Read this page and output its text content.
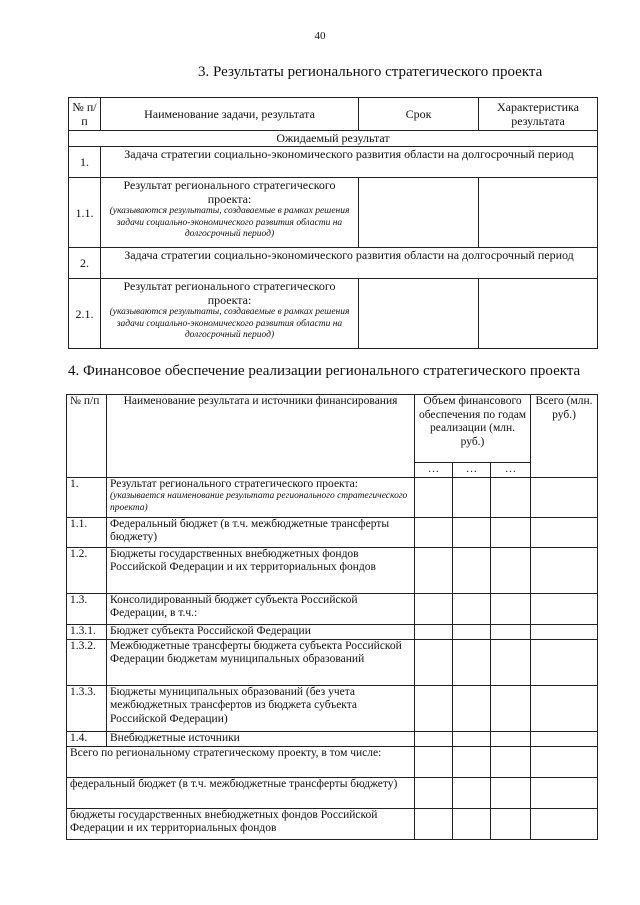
40
3. Результаты регионального стратегического проекта
№ п/п	Наименование задачи, результата	Срок	Характеристика результата
Ожидаемый результат			
1.	Задача стратегии социально-экономического развития области на долгосрочный период		
1.1.	Результат регионального стратегического проекта:
(указываются результаты, создаваемые в рамках решения задачи социально-экономического развития области на долгосрочный период)		

2.	Задача стратегии социально-экономического развития области на долгосрочный период		
2.1.	Результат регионального стратегического проекта:
(указываются результаты, создаваемые в рамках решения задачи социально-экономического развития области на долгосрочный период)		

4. Финансовое обеспечение реализации регионального стратегического проекта
№ п/п	Наименование результата и источники финансирования	Объем финансового обеспечения по годам реализации (млн. руб.)			Всего (млн. руб.)
		…	…	…	
1.	Результат регионального стратегического проекта:
(указывается наименование результата регионального стратегического проекта)				

1.1.	Федеральный бюджет (в т.ч. межбюджетные трансферты бюджету)				
1.2.	Бюджеты государственных внебюджетных фондов Российской Федерации и их территориальных фондов				
1.3.	Консолидированный бюджет субъекта Российской Федерации, в т.ч.:				
1.3.1.	Бюджет субъекта Российской Федерации				
1.3.2.	Межбюджетные трансферты бюджета субъекта Российской Федерации бюджетам муниципальных образований				
1.3.3.	Бюджеты муниципальных образований (без учета межбюджетных трансфертов из бюджета субъекта Российской Федерации)				
1.4.	Внебюджетные источники				
Всего по региональному стратегическому проекту, в том числе:					
федеральный бюджет (в т.ч. межбюджетные трансферты бюджету)					
бюджеты государственных внебюджетных фондов Российской Федерации и их территориальных фондов					
